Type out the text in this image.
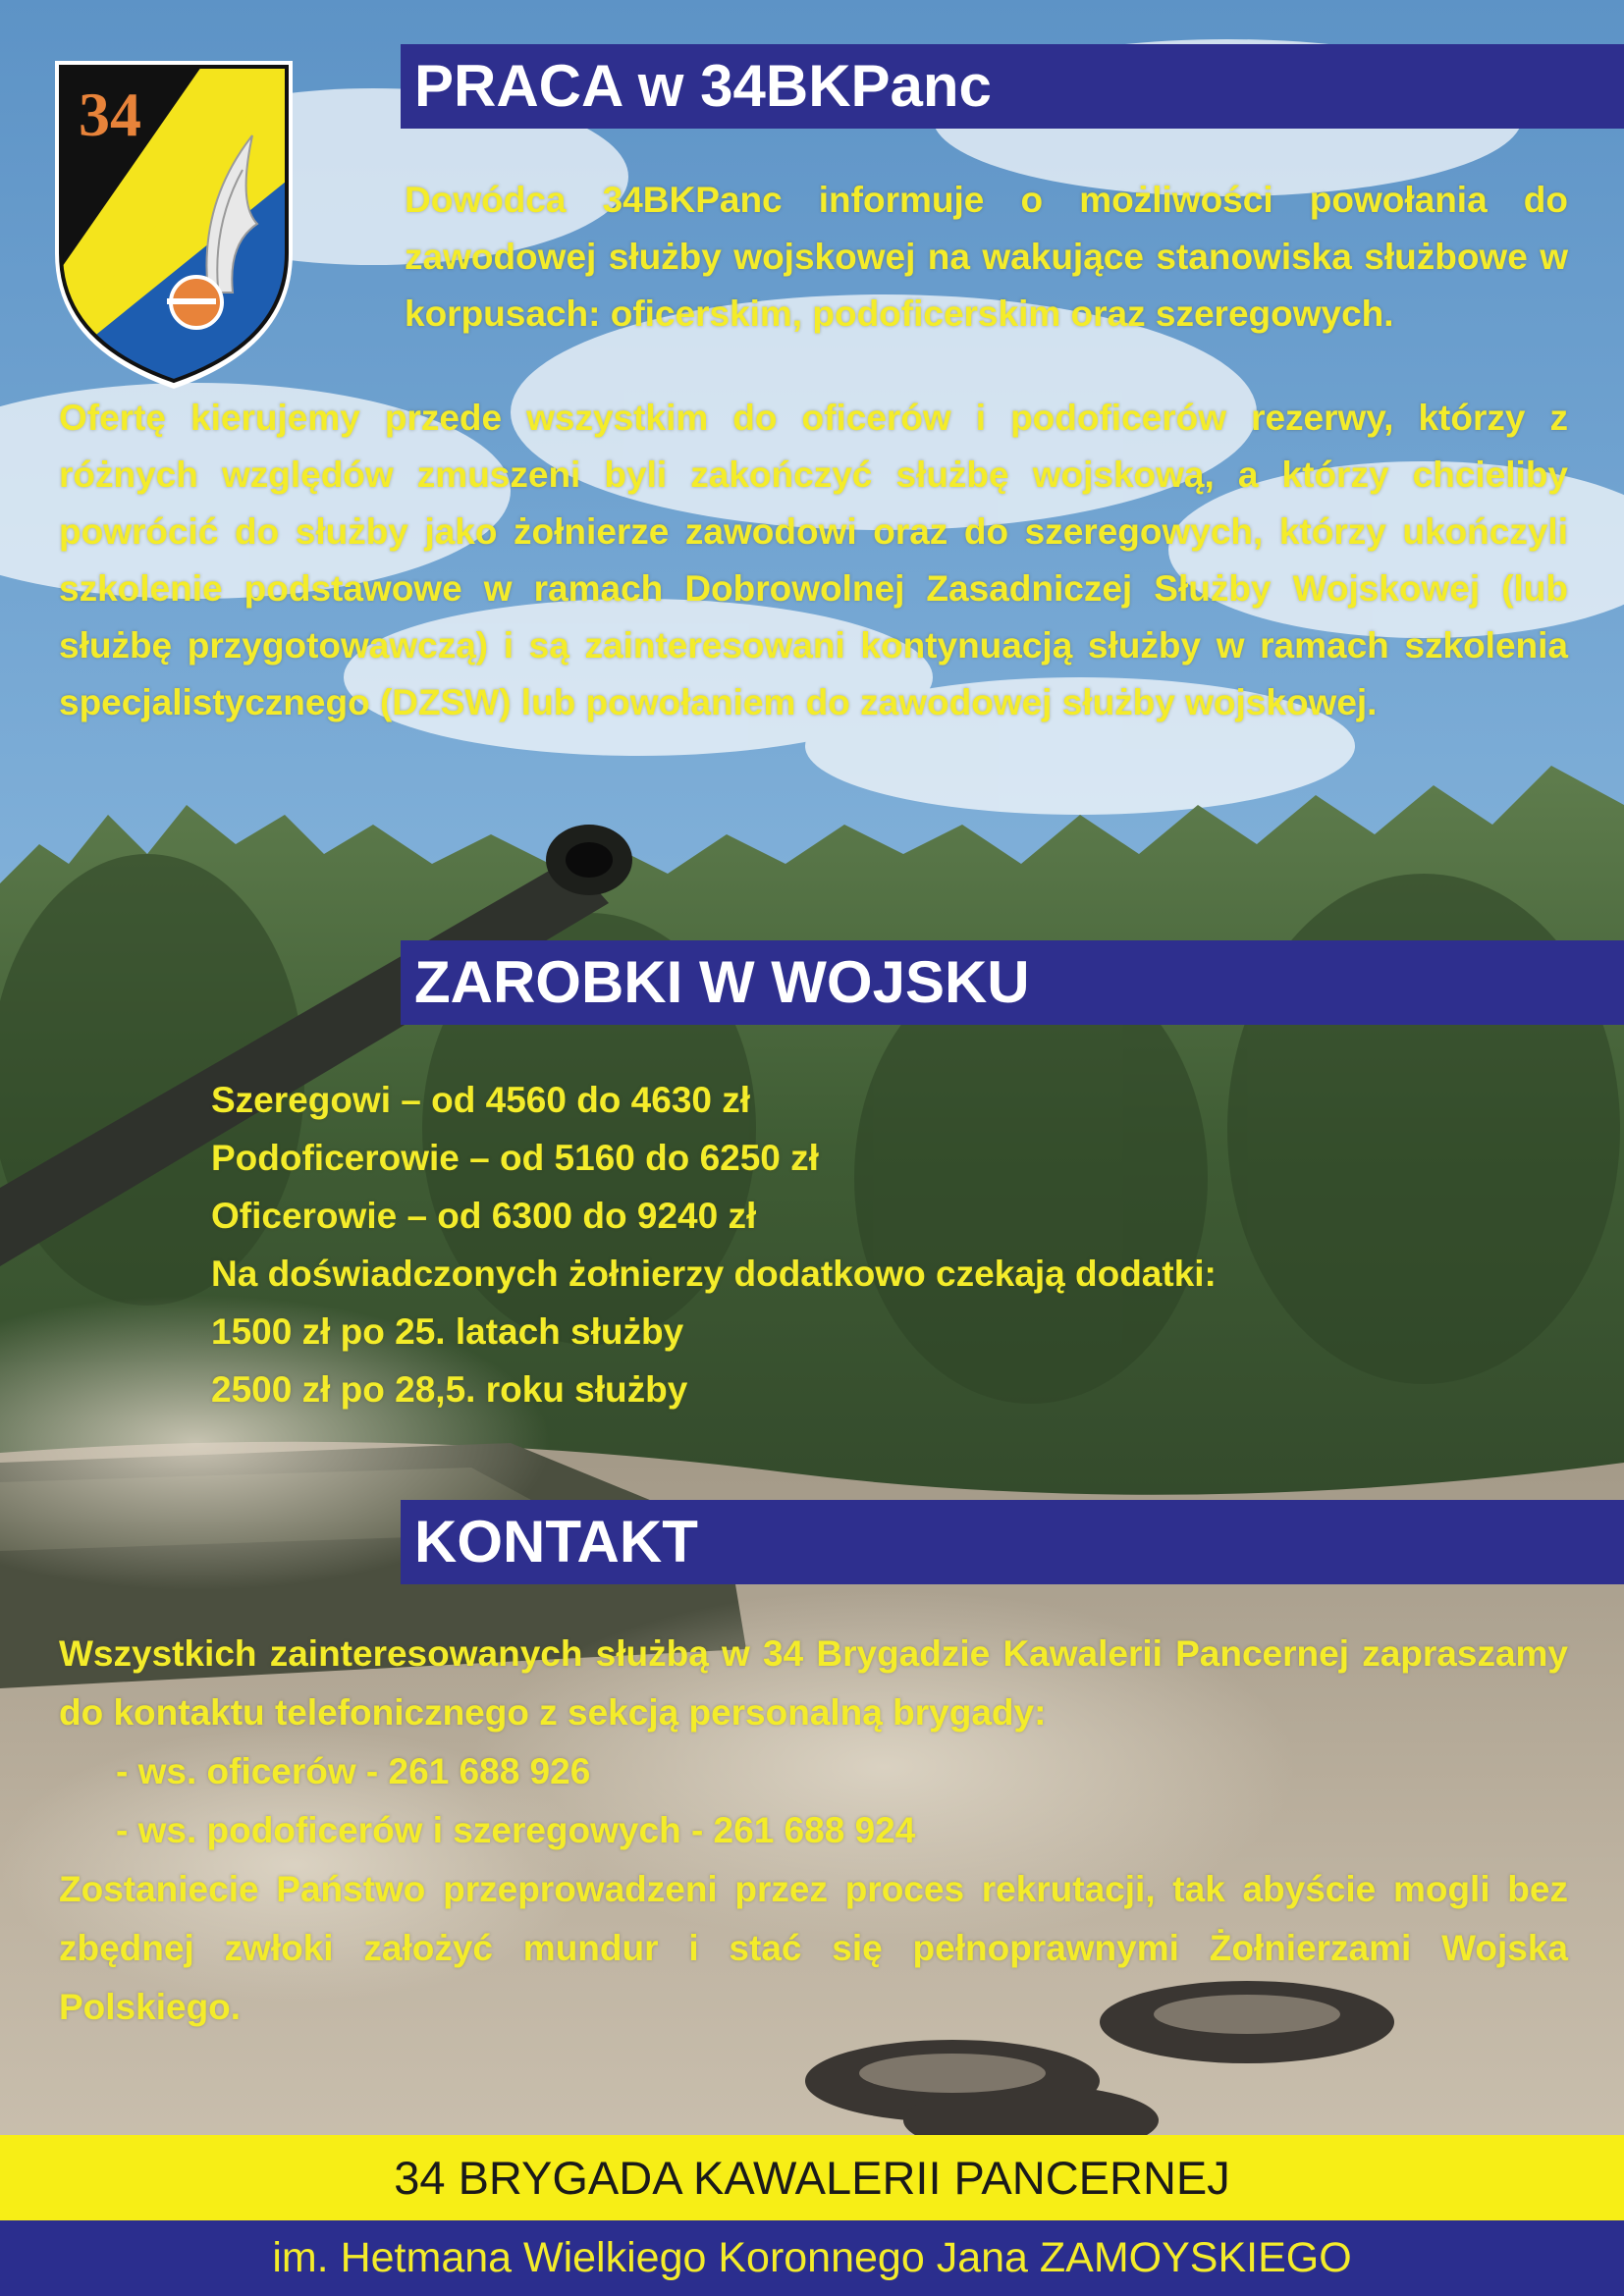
34	PRACA w 34BKPanc

Dowódca 34BKPanc informuje o możliwości powołania do zawodowej służby wojskowej na wakujące stanowiska służbowe w korpusach: oficerskim, podoficerskim oraz szeregowych.

Ofertę kierujemy przede wszystkim do oficerów i podoficerów rezerwy, którzy z różnych względów zmuszeni byli zakończyć służbę wojskową, a którzy chcieliby powrócić do służby jako żołnierze zawodowi oraz do szeregowych, którzy ukończyli szkolenie podstawowe w ramach Dobrowolnej Zasadniczej Służby Wojskowej (lub służbę przygotowawczą) i są zainteresowani kontynuacją służby w ramach szkolenia specjalistycznego (DZSW) lub powołaniem do zawodowej służby wojskowej.

ZAROBKI W WOJSKU

Szeregowi – od 4560 do 4630 zł

Podoficerowie – od 5160 do 6250 zł

Oficerowie – od 6300 do 9240 zł

Na doświadczonych żołnierzy dodatkowo czekają dodatki:

1500 zł po 25. latach służby

2500 zł po 28,5. roku służby

KONTAKT

Wszystkich zainteresowanych służbą w 34 Brygadzie Kawalerii Pancernej zapraszamy do kontaktu telefonicznego z sekcją personalną brygady:

- ws. oficerów - 261 688 926

- ws. podoficerów i szeregowych - 261 688 924

Zostaniecie Państwo przeprowadzeni przez proces rekrutacji, tak abyście mogli bez zbędnej zwłoki założyć mundur i stać się pełnoprawnymi Żołnierzami Wojska Polskiego.

34 BRYGADA KAWALERII PANCERNEJ
im. Hetmana Wielkiego Koronnego Jana ZAMOYSKIEGO
